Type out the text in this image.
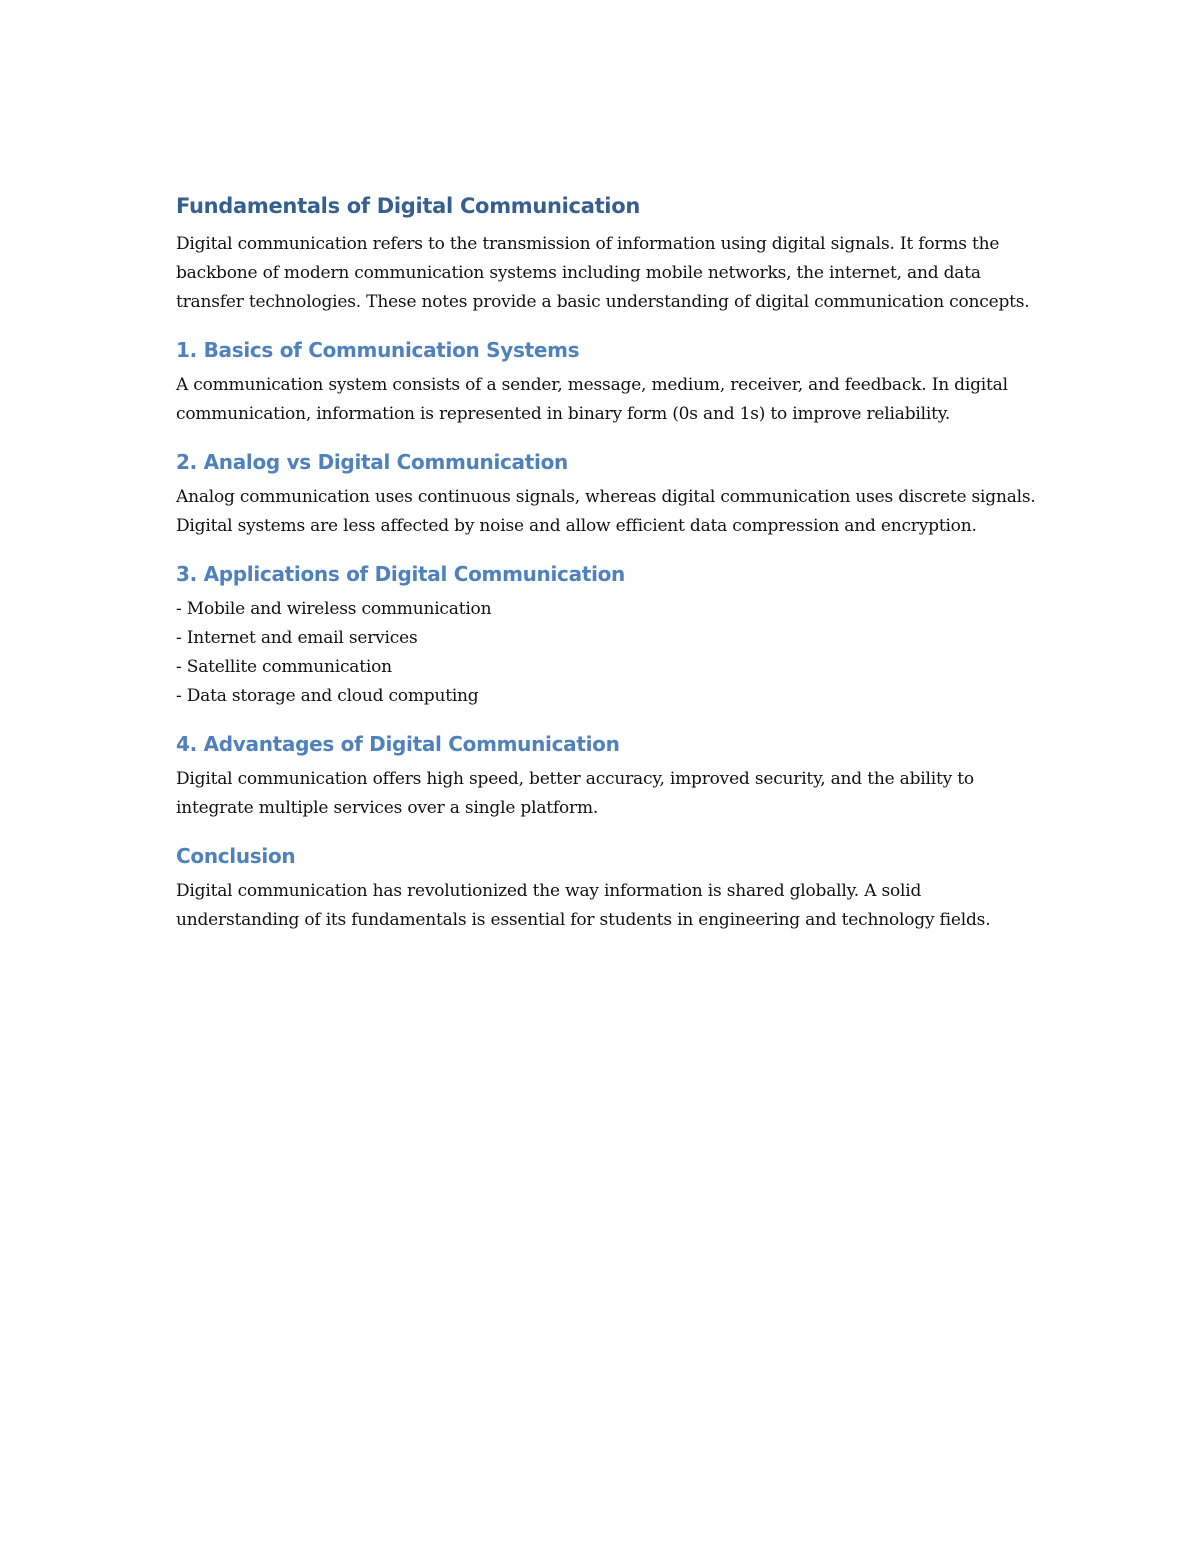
Fundamentals of Digital Communication

Digital communication refers to the transmission of information using digital signals. It forms the backbone of modern communication systems including mobile networks, the internet, and data transfer technologies. These notes provide a basic understanding of digital communication concepts.

1. Basics of Communication Systems

A communication system consists of a sender, message, medium, receiver, and feedback. In digital communication, information is represented in binary form (0s and 1s) to improve reliability.

2. Analog vs Digital Communication

Analog communication uses continuous signals, whereas digital communication uses discrete signals. Digital systems are less affected by noise and allow efficient data compression and encryption.

3. Applications of Digital Communication
- Mobile and wireless communication
- Internet and email services
- Satellite communication
- Data storage and cloud computing
4. Advantages of Digital Communication

Digital communication offers high speed, better accuracy, improved security, and the ability to integrate multiple services over a single platform.

Conclusion

Digital communication has revolutionized the way information is shared globally. A solid understanding of its fundamentals is essential for students in engineering and technology fields.
